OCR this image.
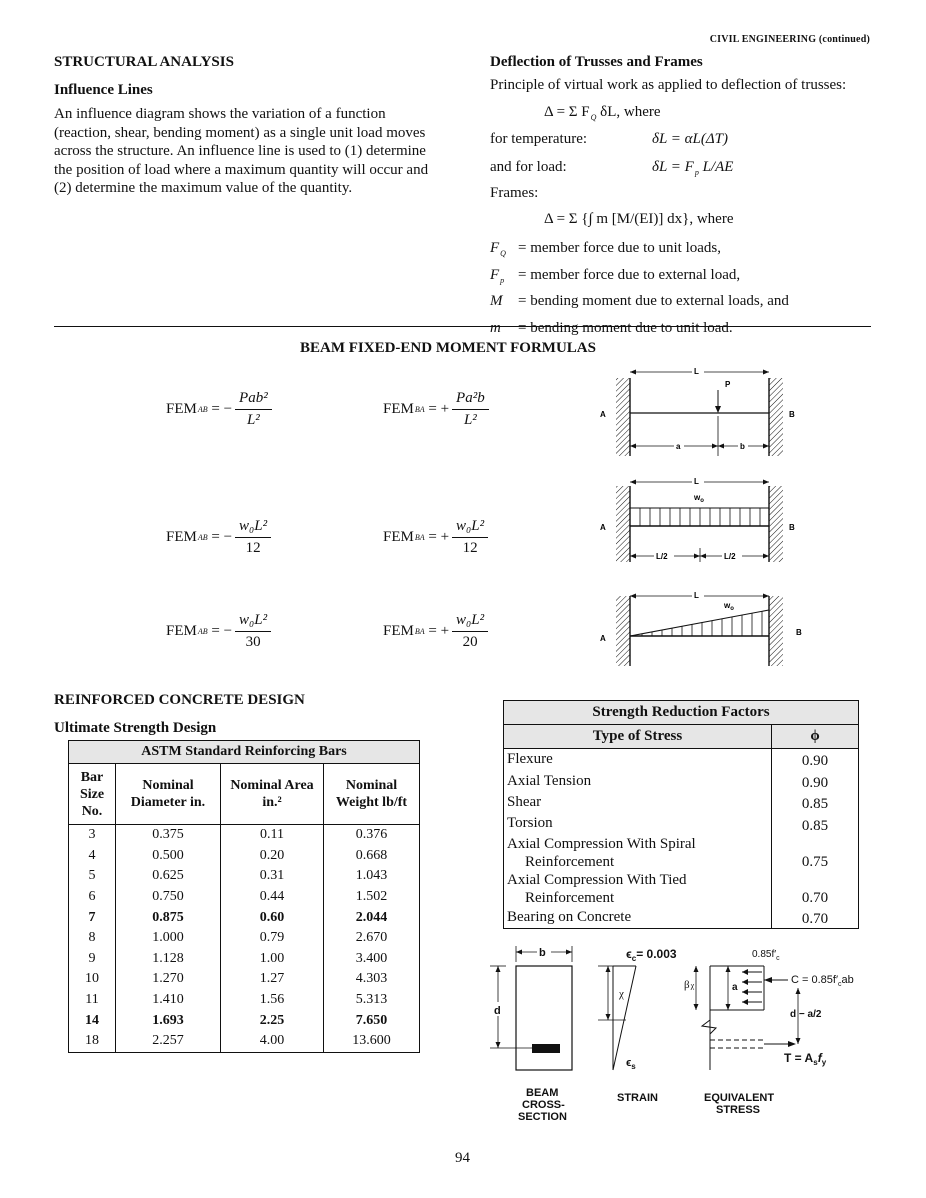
CIVIL ENGINEERING (continued)
STRUCTURAL ANALYSIS
Influence Lines
An influence diagram shows the variation of a function
(reaction, shear, bending moment) as a single unit load moves
across the structure. An influence line is used to (1) determine
the position of load where a maximum quantity will occur and
(2) determine the maximum value of the quantity.
Deflection of Trusses and Frames
Principle of virtual work as applied to deflection of trusses:
Δ = Σ $F_Q$ δL, where
for temperature:	δL = αL(ΔT)
and for load:	$\delta L = F_p$ L/AE
Frames:
Δ = Σ {∫ m [M/(EI)] dx}, where
$F_Q$ = member force due to unit loads,
$F_p$ = member force due to external load,
M = bending moment due to external loads, and
m = bending moment due to unit load.
BEAM FIXED-END MOMENT FORMULAS
FEM AB
= − $\frac{\text{Pab²}}{\text{L²}}$	FEM BA
= + $\frac{\text{Pa²b}}{\text{L²}}$
FEM AB
= − $\frac{\text{w₀L²}}{12}$	FEM BA
= + $\frac{\text{w₀L²}}{12}$
FEM AB
= − $\frac{\text{w₀L²}}{30}$	FEM BA
= + $\frac{\text{w₀L²}}{20}$
L
P
A	B
a	b
L
$w_o$
A	B
L/2	L/2
L
$w_o$
A
B
REINFORCED CONCRETE DESIGN
Ultimate Strength Design
ASTM Standard Reinforcing Bars			
Bar Size No.	Nominal Diameter in.	Nominal Area in.²	Nominal Weight lb/ft
3	0.375	0.11	0.376
4	0.500	0.20	0.668
5	0.625	0.31	1.043
6	0.750	0.44	1.502
7	0.875	0.60	2.044
8	1.000	0.79	2.670
9	1.128	1.00	3.400
10	1.270	1.27	4.303
11	1.410	1.56	5.313
14	1.693	2.25	7.650
18	2.257	4.00	13.600
Strength Reduction Factors	
Type of Stress	ϕ
Flexure	0.90
Axial Tension	0.90
Shear	0.85
Torsion	0.85

Axial Compression With Spiral
Reinforcement	0.75

Axial Compression With Tied
Reinforcement	0.70
Bearing on Concrete	0.70
b
d
BEAM
CROSS-
SECTION
$\epsilon_c= 0.003$
χ
$\epsilon_s$
STRAIN
βχ	a
$0.85f'_c$
$C = 0.85f'_cab$
d − a/2
$T = A_sf_y$
EQUIVALENT
STRESS
94
